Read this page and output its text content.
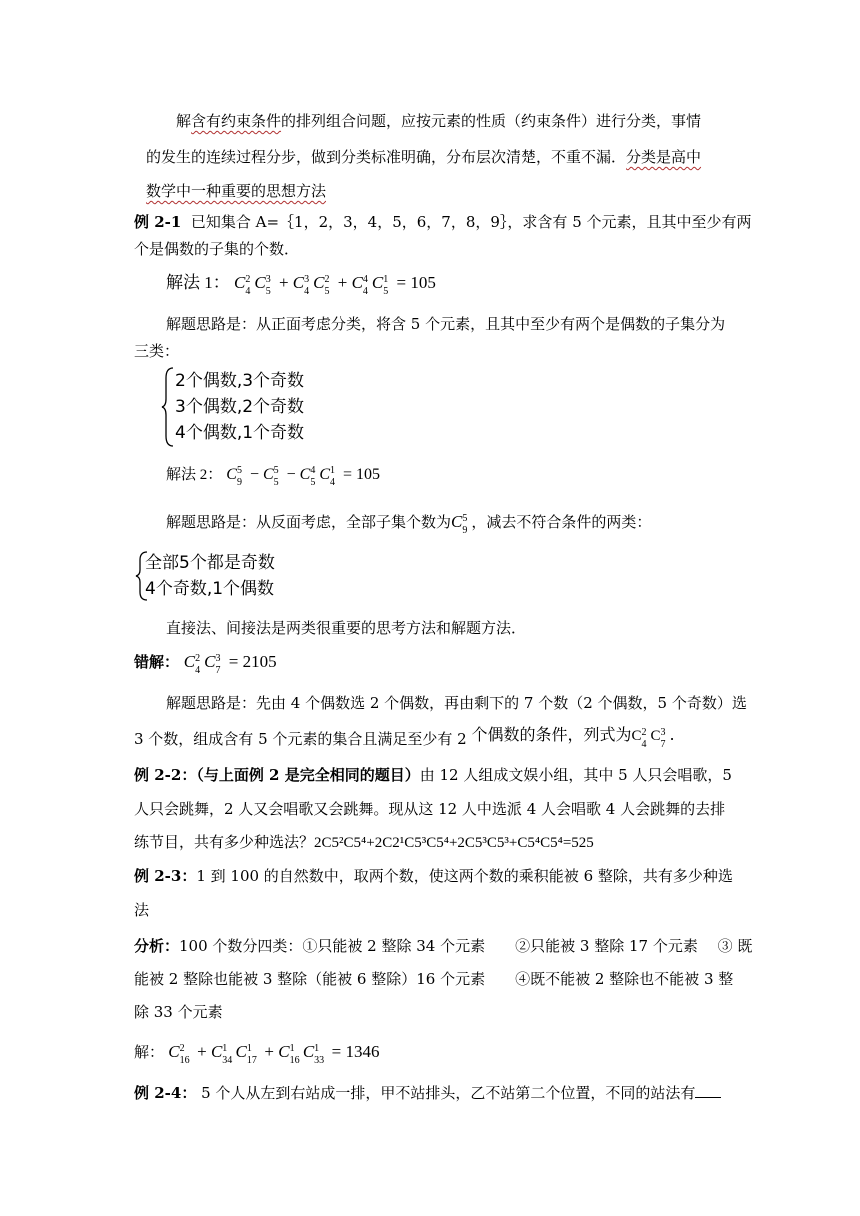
解含有约束条件的排列组合问题，应按元素的性质（约束条件）进行分类，事情
的发生的连续过程分步，做到分类标准明确，分布层次清楚，不重不漏．分类是高中
数学中一种重要的思想方法
例 2-1 已知集合 A=｛1，2，3，4，5，6，7，8，9｝，求含有 5 个元素，且其中至少有两
个是偶数的子集的个数．
解法 1： C 2
4 C 3
5 + C 3
4 C 2
5 + C 4
4 C 1
5 = 105
解题思路是：从正面考虑分类，将含 5 个元素，且其中至少有两个是偶数的子集分为
三类：
2个偶数,3个奇数
3个偶数,2个奇数
4个偶数,1个奇数
解法 2： C 5
9 − C 5
5 − C 4
5 C 1
4 = 105
解题思路是：从反面考虑，全部子集个数为C 5
9 ，减去不符合条件的两类：
全部5个都是奇数
4个奇数,1个偶数
直接法、间接法是两类很重要的思考方法和解题方法．
错解： C 2
4 C 3
7 = 2105
解题思路是：先由 4 个偶数选 2 个偶数，再由剩下的 7 个数（2 个偶数，5 个奇数）选
3 个数，组成含有 5 个元素的集合且满足至少有 2 个偶数的条件，列式为C 2
4
C 3
7
.
例 2-2：（与上面例 2 是完全相同的题目）由 12 人组成文娱小组，其中 5 人只会唱歌，5
人只会跳舞，2 人又会唱歌又会跳舞。现从这 12 人中选派 4 人会唱歌 4 人会跳舞的去排
练节目，共有多少种选法？2C5²C5⁴+2C2¹C5³C5⁴+2C5³C5³+C5⁴C5⁴=525
例 2-3：1 到 100 的自然数中，取两个数，使这两个数的乘积能被 6 整除，共有多少种选
法
分析：100 个数分四类：①只能被 2 整除 34 个元素　　②只能被 3 整除 17 个元素　 ③ 既
能被 2 整除也能被 3 整除（能被 6 整除）16 个元素　　④既不能被 2 整除也不能被 3 整
除 33 个元素
解： C 2
16 + C 1
34 C 1
17 + C 1
16 C 1
33 = 1346
例 2-4： 5 个人从左到右站成一排，甲不站排头，乙不站第二个位置，不同的站法有
